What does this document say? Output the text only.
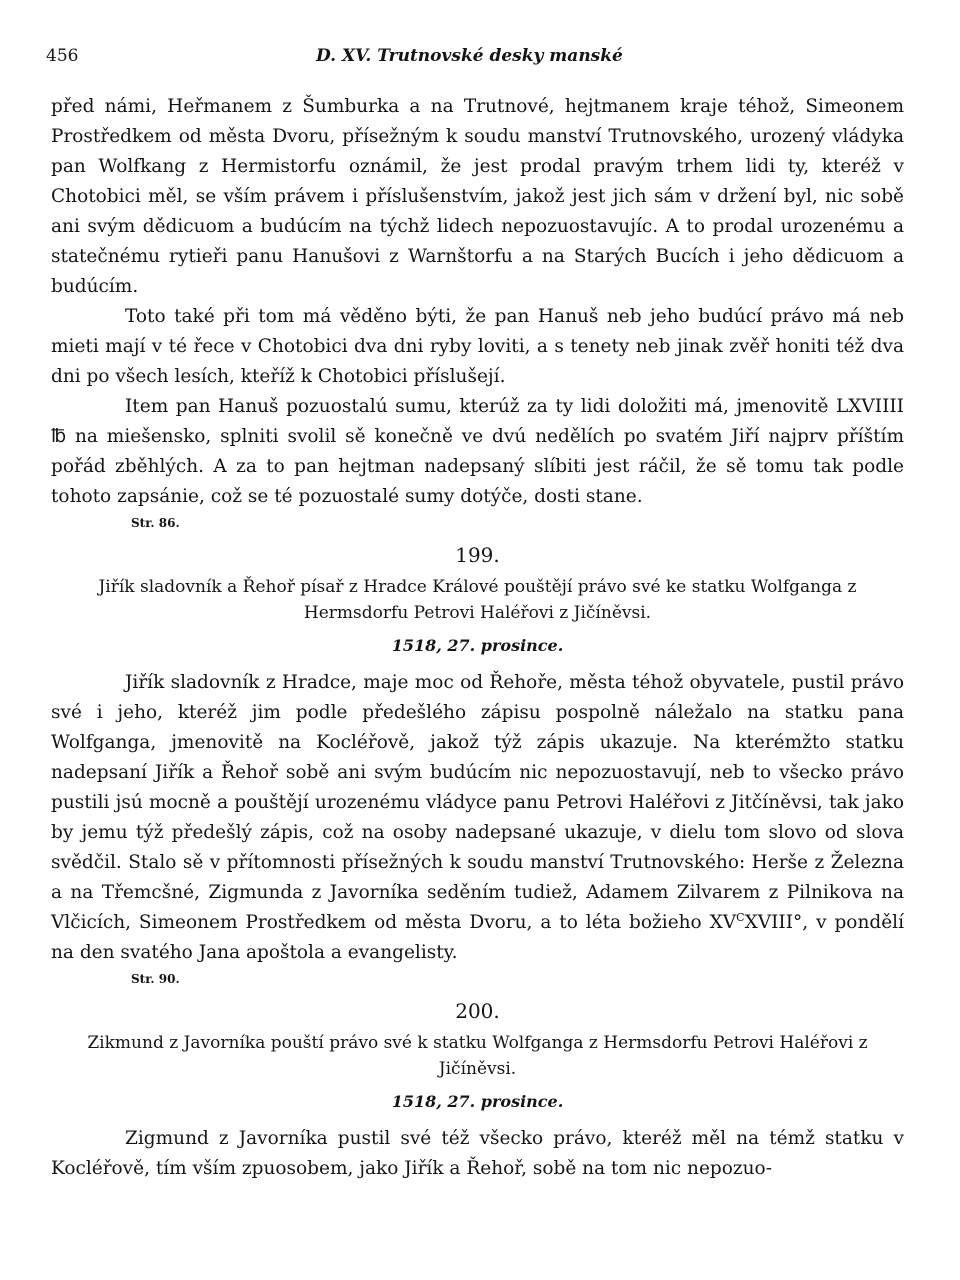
456	D. XV. Trutnovské desky manské

před námi, Heřmanem z Šumburka a na Trutnové, hejtmanem kraje téhož, Simeonem Prostředkem od města Dvoru, přísežným k soudu manství Trutnovského, urozený vládyka pan Wolfkang z Hermistorfu oznámil, že jest prodal pravým trhem lidi ty, kteréž v Chotobici měl, se vším právem i příslušenstvím, jakož jest jich sám v držení byl, nic sobě ani svým dědicuom a budúcím na týchž lidech nepozuostavujíc. A to prodal urozenému a statečnému rytieři panu Hanušovi z Warnštorfu a na Starých Bucích i jeho dědicuom a budúcím.

Toto také při tom má věděno býti, že pan Hanuš neb jeho budúcí právo má neb mieti mají v té řece v Chotobici dva dni ryby loviti, a s tenety neb jinak zvěř honiti též dva dni po všech lesích, kteříž k Chotobici příslušejí.

Item pan Hanuš pozuostalú sumu, kterúž za ty lidi doložiti má, jmenovitě LXVIIII ℔ na miešensko, splniti svolil sě konečně ve dvú nedělích po svatém Jiří najprv příštím pořád zběhlých. A za to pan hejtman nadepsaný slíbiti jest ráčil, že sě tomu tak podle tohoto zapsánie, což se té pozuostalé sumy dotýče, dosti stane.

Str. 86.
199.
Jiřík sladovník a Řehoř písař z Hradce Králové pouštějí právo své ke statku Wolfganga z Hermsdorfu Petrovi Haléřovi z Jičíněvsi.
1518, 27. prosince.

Jiřík sladovník z Hradce, maje moc od Řehoře, města téhož obyvatele, pustil právo své i jeho, kteréž jim podle předešlého zápisu pospolně náležalo na statku pana Wolfganga, jmenovitě na Kocléřově, jakož týž zápis ukazuje. Na kterémžto statku nadepsaní Jiřík a Řehoř sobě ani svým budúcím nic nepozuostavují, neb to všecko právo pustili jsú mocně a pouštějí urozenému vládyce panu Petrovi Haléřovi z Jitčíněvsi, tak jako by jemu týž předešlý zápis, což na osoby nadepsané ukazuje, v dielu tom slovo od slova svědčil. Stalo sě v přítomnosti přísežných k soudu manství Trutnovského: Herše z Železna a na Třemcšné, Zigmunda z Javorníka seděním tudiež, Adamem Zilvarem z Pilnikova na Vlčicích, Simeonem Prostředkem od města Dvoru, a to léta božieho $XV^CXVIII^\circ$, v pondělí na den svatého Jana apoštola a evangelisty.

Str. 90.
200.
Zikmund z Javorníka pouští právo své k statku Wolfganga z Hermsdorfu Petrovi Haléřovi z Jičíněvsi.
1518, 27. prosince.

Zigmund z Javorníka pustil své též všecko právo, kteréž měl na témž statku v Kocléřově, tím vším zpuosobem, jako Jiřík a Řehoř, sobě na tom nic nepozuo-
